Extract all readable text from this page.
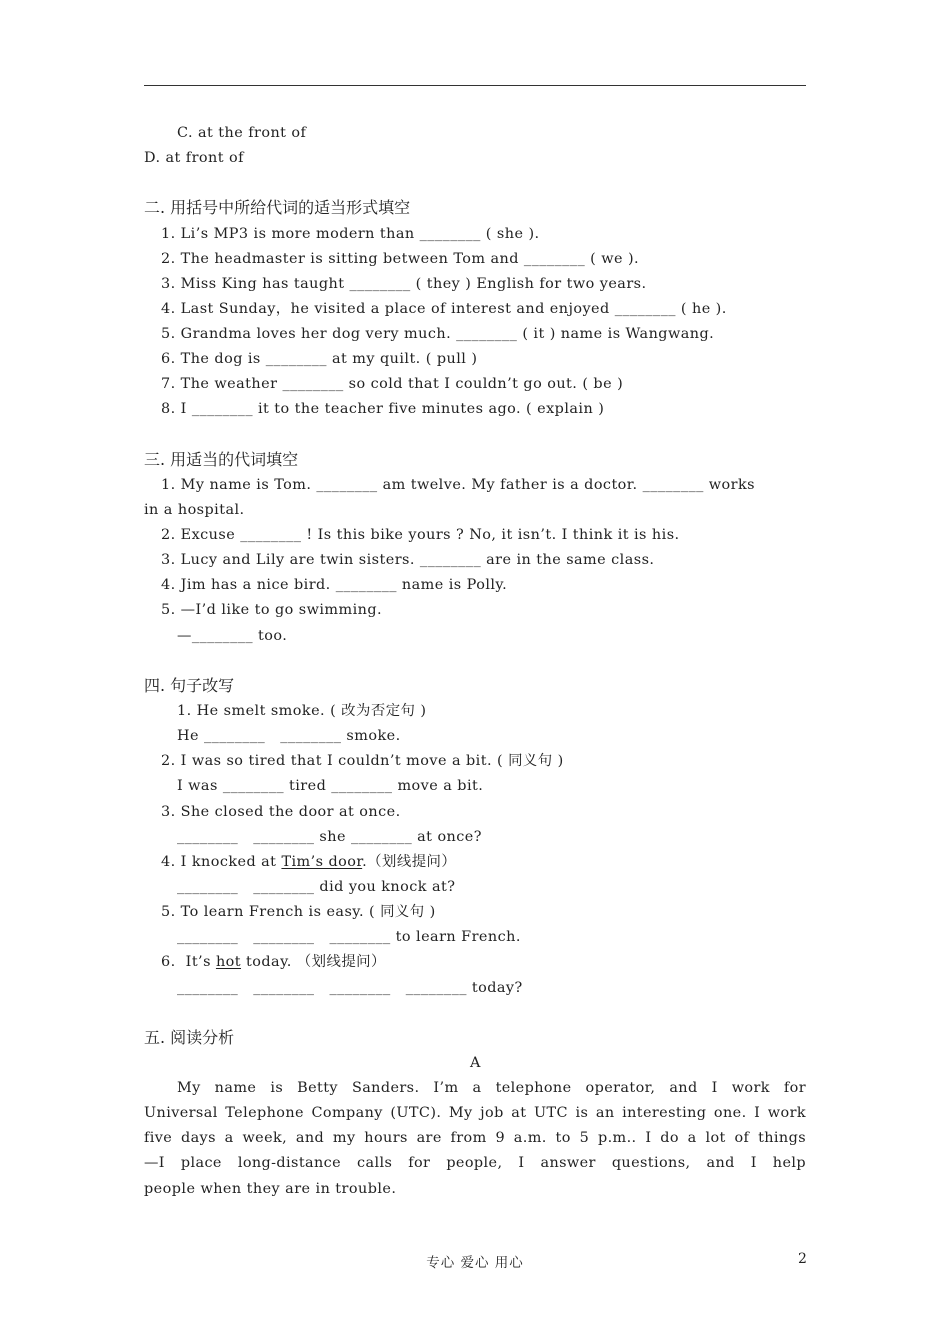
C. at the front of
D. at front of
二. 用括号中所给代词的适当形式填空
1. Li’s MP3 is more modern than ________ ( she ).
2. The headmaster is sitting between Tom and ________ ( we ).
3. Miss King has taught ________ ( they ) English for two years.
4. Last Sunday，he visited a place of interest and enjoyed ________ ( he ).
5. Grandma loves her dog very much. ________ ( it ) name is Wangwang.
6. The dog is ________ at my quilt. ( pull )
7. The weather ________ so cold that I couldn’t go out. ( be )
8. I ________ it to the teacher five minutes ago. ( explain )
三. 用适当的代词填空
1. My name is Tom. ________ am twelve. My father is a doctor. ________ works
in a hospital.
2. Excuse ________ ! Is this bike yours ? No, it isn’t. I think it is his.
3. Lucy and Lily are twin sisters. ________ are in the same class.
4. Jim has a nice bird. ________ name is Polly.
5. —I’d like to go swimming.
—________ too.
四. 句子改写
1. He smelt smoke. ( 改为否定句 )
He ________   ________ smoke.
2. I was so tired that I couldn’t move a bit. ( 同义句 )
I was ________ tired ________ move a bit.
3. She closed the door at once.
________   ________ she ________ at once?
4. I knocked at Tim’s door.（划线提问）
________   ________ did you knock at?
5. To learn French is easy. ( 同义句 )
________   ________   ________ to learn French.
6.  It’s hot today. （划线提问）
________   ________   ________   ________ today?
五. 阅读分析
A
My name is Betty Sanders. I’m a telephone operator, and I work for
Universal Telephone Company (UTC). My job at UTC is an interesting one. I work
five days a week, and my hours are from 9 a.m. to 5 p.m.. I do a lot of things
—I place long-distance calls for people, I answer questions, and I help
people when they are in trouble.
专心 爱心 用心	2
